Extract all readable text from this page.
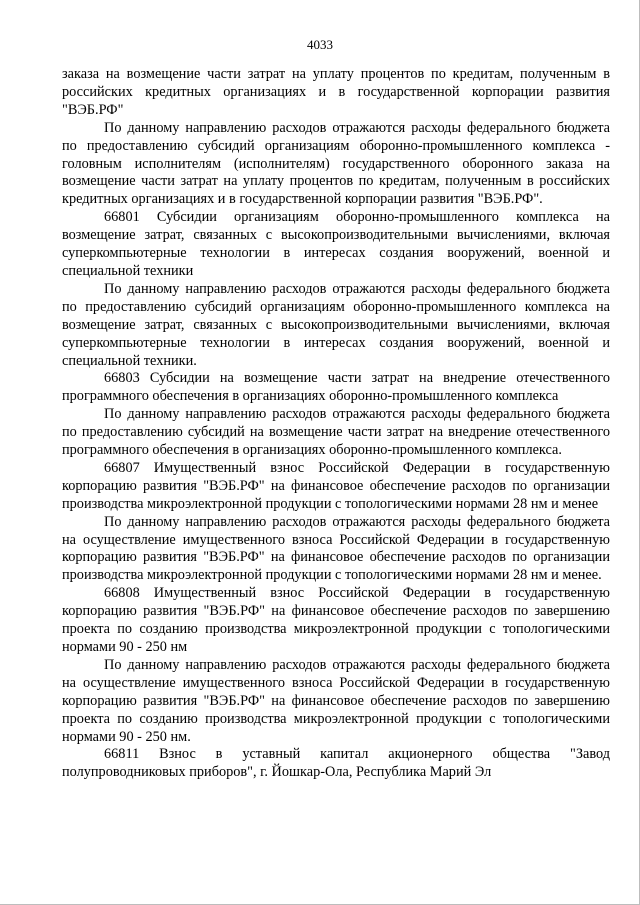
4033

заказа на возмещение части затрат на уплату процентов по кредитам, полученным в российских кредитных организациях и в государственной корпорации развития "ВЭБ.РФ"

По данному направлению расходов отражаются расходы федерального бюджета по предоставлению субсидий организациям оборонно-промышленного комплекса - головным исполнителям (исполнителям) государственного оборонного заказа на возмещение части затрат на уплату процентов по кредитам, полученным в российских кредитных организациях и в государственной корпорации развития "ВЭБ.РФ".

66801 Субсидии организациям оборонно-промышленного комплекса на возмещение затрат, связанных с высокопроизводительными вычислениями, включая суперкомпьютерные технологии в интересах создания вооружений, военной и специальной техники

По данному направлению расходов отражаются расходы федерального бюджета по предоставлению субсидий организациям оборонно-промышленного комплекса на возмещение затрат, связанных с высокопроизводительными вычислениями, включая суперкомпьютерные технологии в интересах создания вооружений, военной и специальной техники.

66803 Субсидии на возмещение части затрат на внедрение отечественного программного обеспечения в организациях оборонно-промышленного комплекса

По данному направлению расходов отражаются расходы федерального бюджета по предоставлению субсидий на возмещение части затрат на внедрение отечественного программного обеспечения в организациях оборонно-промышленного комплекса.

66807 Имущественный взнос Российской Федерации в государственную корпорацию развития "ВЭБ.РФ" на финансовое обеспечение расходов по организации производства микроэлектронной продукции с топологическими нормами 28 нм и менее

По данному направлению расходов отражаются расходы федерального бюджета на осуществление имущественного взноса Российской Федерации в государственную корпорацию развития "ВЭБ.РФ" на финансовое обеспечение расходов по организации производства микроэлектронной продукции с топологическими нормами 28 нм и менее.

66808 Имущественный взнос Российской Федерации в государственную корпорацию развития "ВЭБ.РФ" на финансовое обеспечение расходов по завершению проекта по созданию производства микроэлектронной продукции с топологическими нормами 90 - 250 нм

По данному направлению расходов отражаются расходы федерального бюджета на осуществление имущественного взноса Российской Федерации в государственную корпорацию развития "ВЭБ.РФ" на финансовое обеспечение расходов по завершению проекта по созданию производства микроэлектронной продукции с топологическими нормами 90 - 250 нм.

66811 Взнос в уставный капитал акционерного общества "Завод полупроводниковых приборов", г. Йошкар-Ола, Республика Марий Эл
